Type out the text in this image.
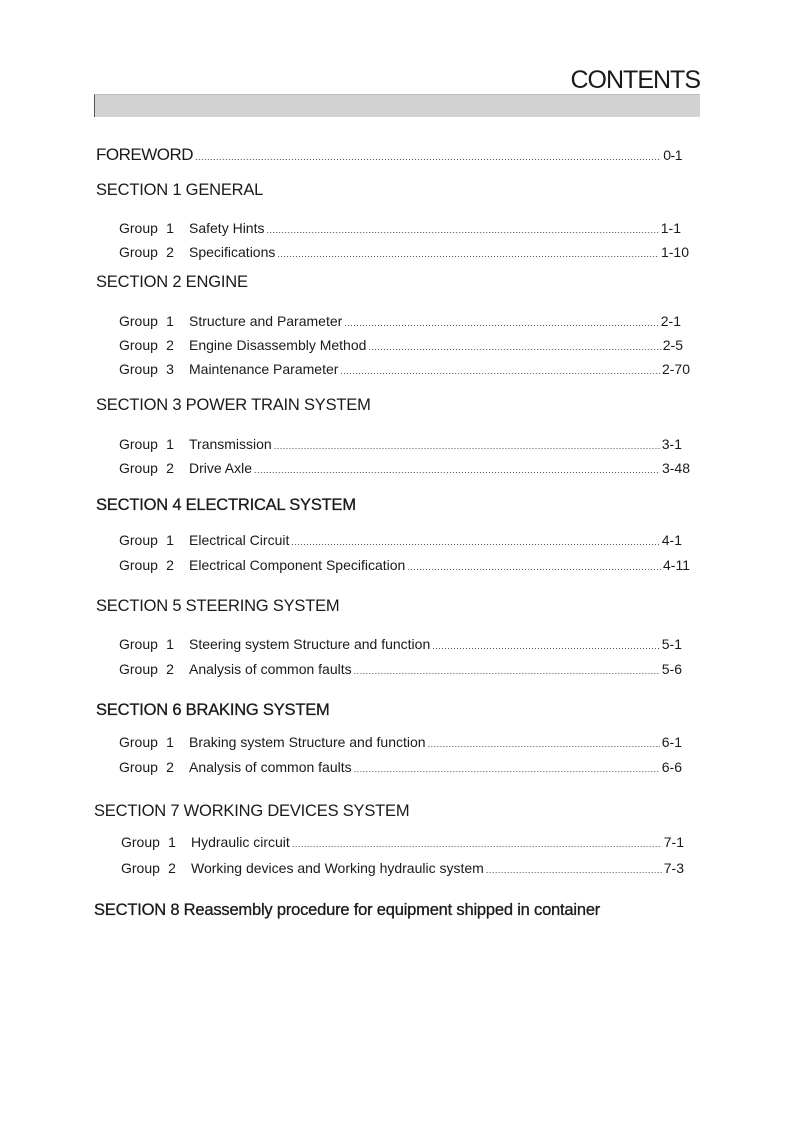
CONTENTS
FOREWORD .....	0-1
SECTION 1 GENERAL
Group 1 Safety Hints .....	1-1
Group 2 Specifications .....	1-10
SECTION 2 ENGINE
Group 1 Structure and Parameter .....	2-1
Group 2 Engine Disassembly Method .....	2-5
Group 3 Maintenance Parameter .....	2-70
SECTION 3 POWER TRAIN SYSTEM
Group 1 Transmission .....	3-1
Group 2 Drive Axle .....	3-48
SECTION 4 ELECTRICAL SYSTEM
Group 1 Electrical Circuit .....	4-1
Group 2 Electrical Component Specification .....	4-11
SECTION 5 STEERING SYSTEM
Group 1 Steering system Structure and function .....	5-1
Group 2 Analysis of common faults .....	5-6
SECTION 6 BRAKING SYSTEM
Group 1 Braking system Structure and function .....	6-1
Group 2 Analysis of common faults .....	6-6
SECTION 7 WORKING DEVICES SYSTEM
Group 1 Hydraulic circuit .....	7-1
Group 2 Working devices and Working hydraulic system .....	7-3
SECTION 8 Reassembly procedure for equipment shipped in container
